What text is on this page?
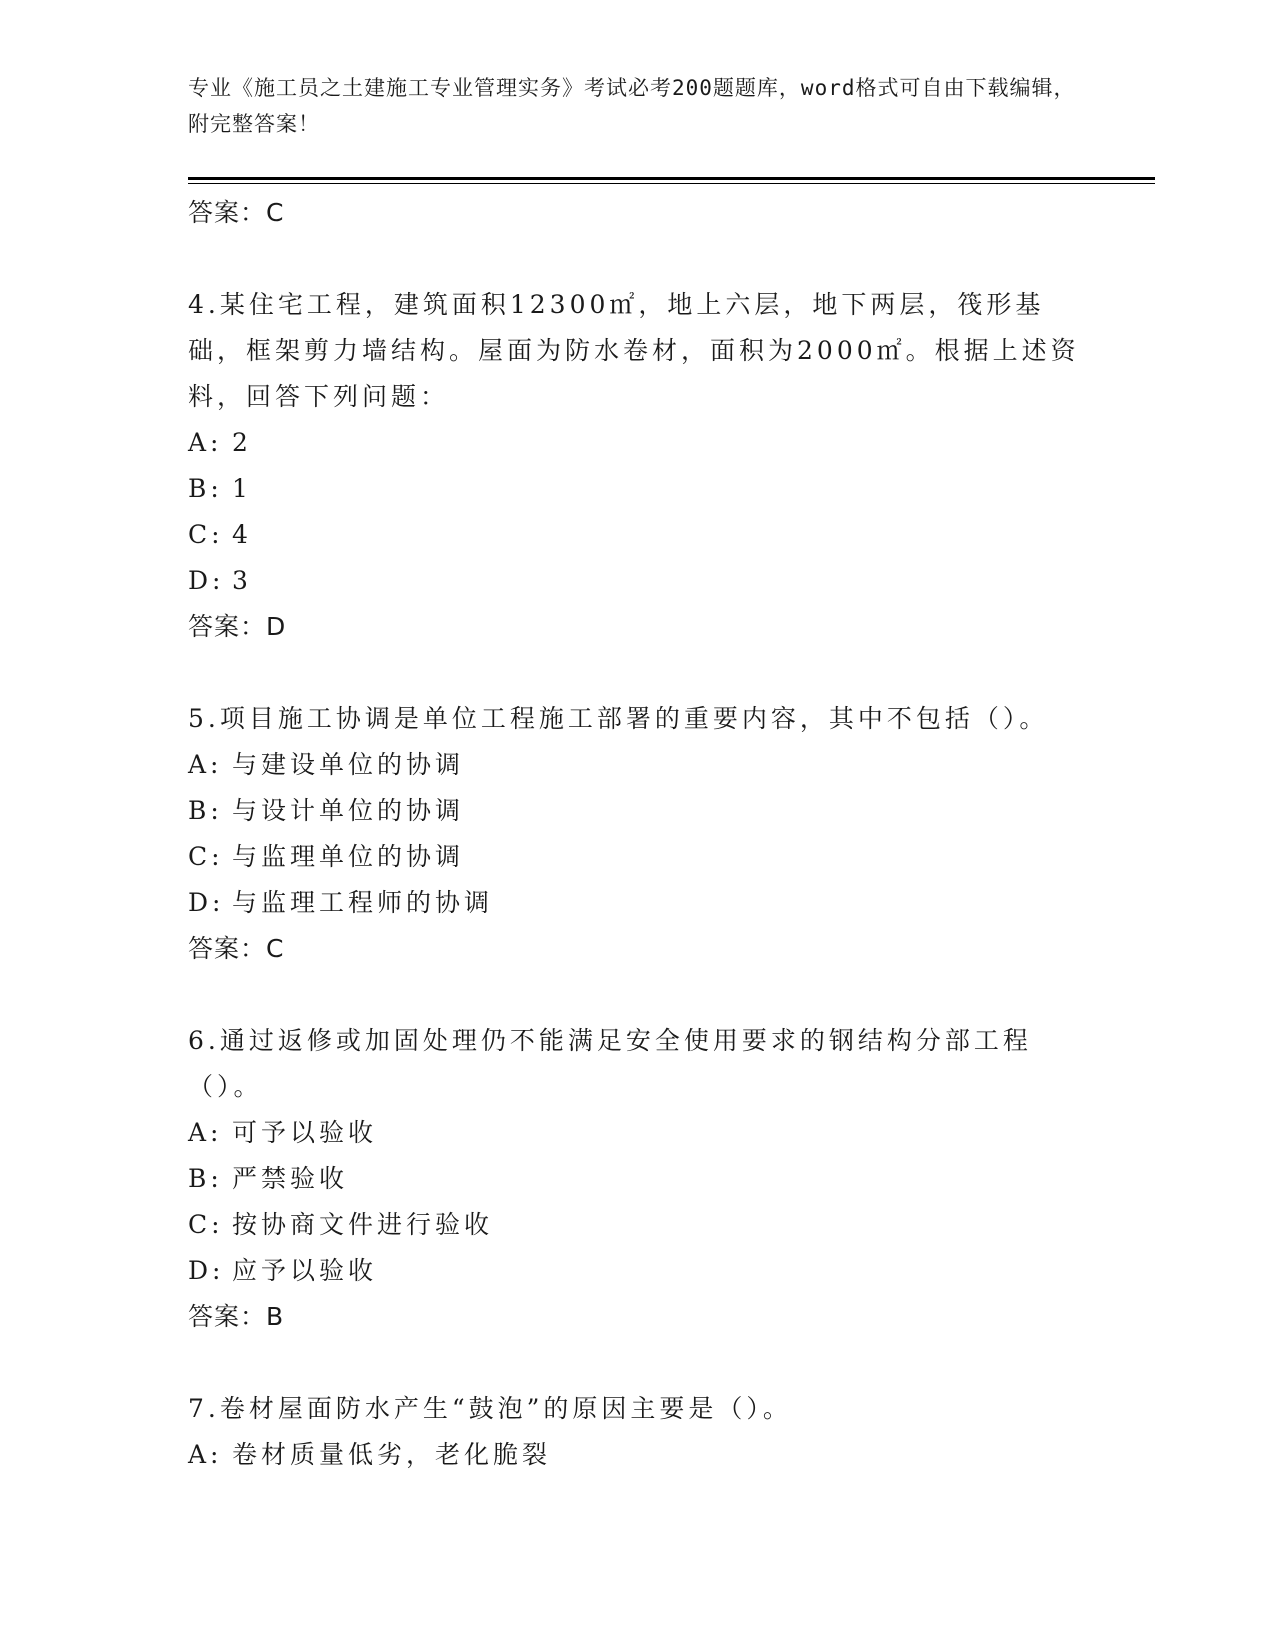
专业《施工员之土建施工专业管理实务》考试必考200题题库，word格式可自由下载编辑，附完整答案！
答案：C
4.某住宅工程，建筑面积12300㎡，地上六层，地下两层，筏形基础，框架剪力墙结构。屋面为防水卷材，面积为2000㎡。根据上述资料，回答下列问题：
A: 2
B: 1
C: 4
D: 3
答案：D
5.项目施工协调是单位工程施工部署的重要内容，其中不包括（）。
A: 与建设单位的协调
B: 与设计单位的协调
C: 与监理单位的协调
D: 与监理工程师的协调
答案：C
6.通过返修或加固处理仍不能满足安全使用要求的钢结构分部工程（）。
A: 可予以验收
B: 严禁验收
C: 按协商文件进行验收
D: 应予以验收
答案：B
7.卷材屋面防水产生“鼓泡”的原因主要是（）。
A: 卷材质量低劣，老化脆裂
